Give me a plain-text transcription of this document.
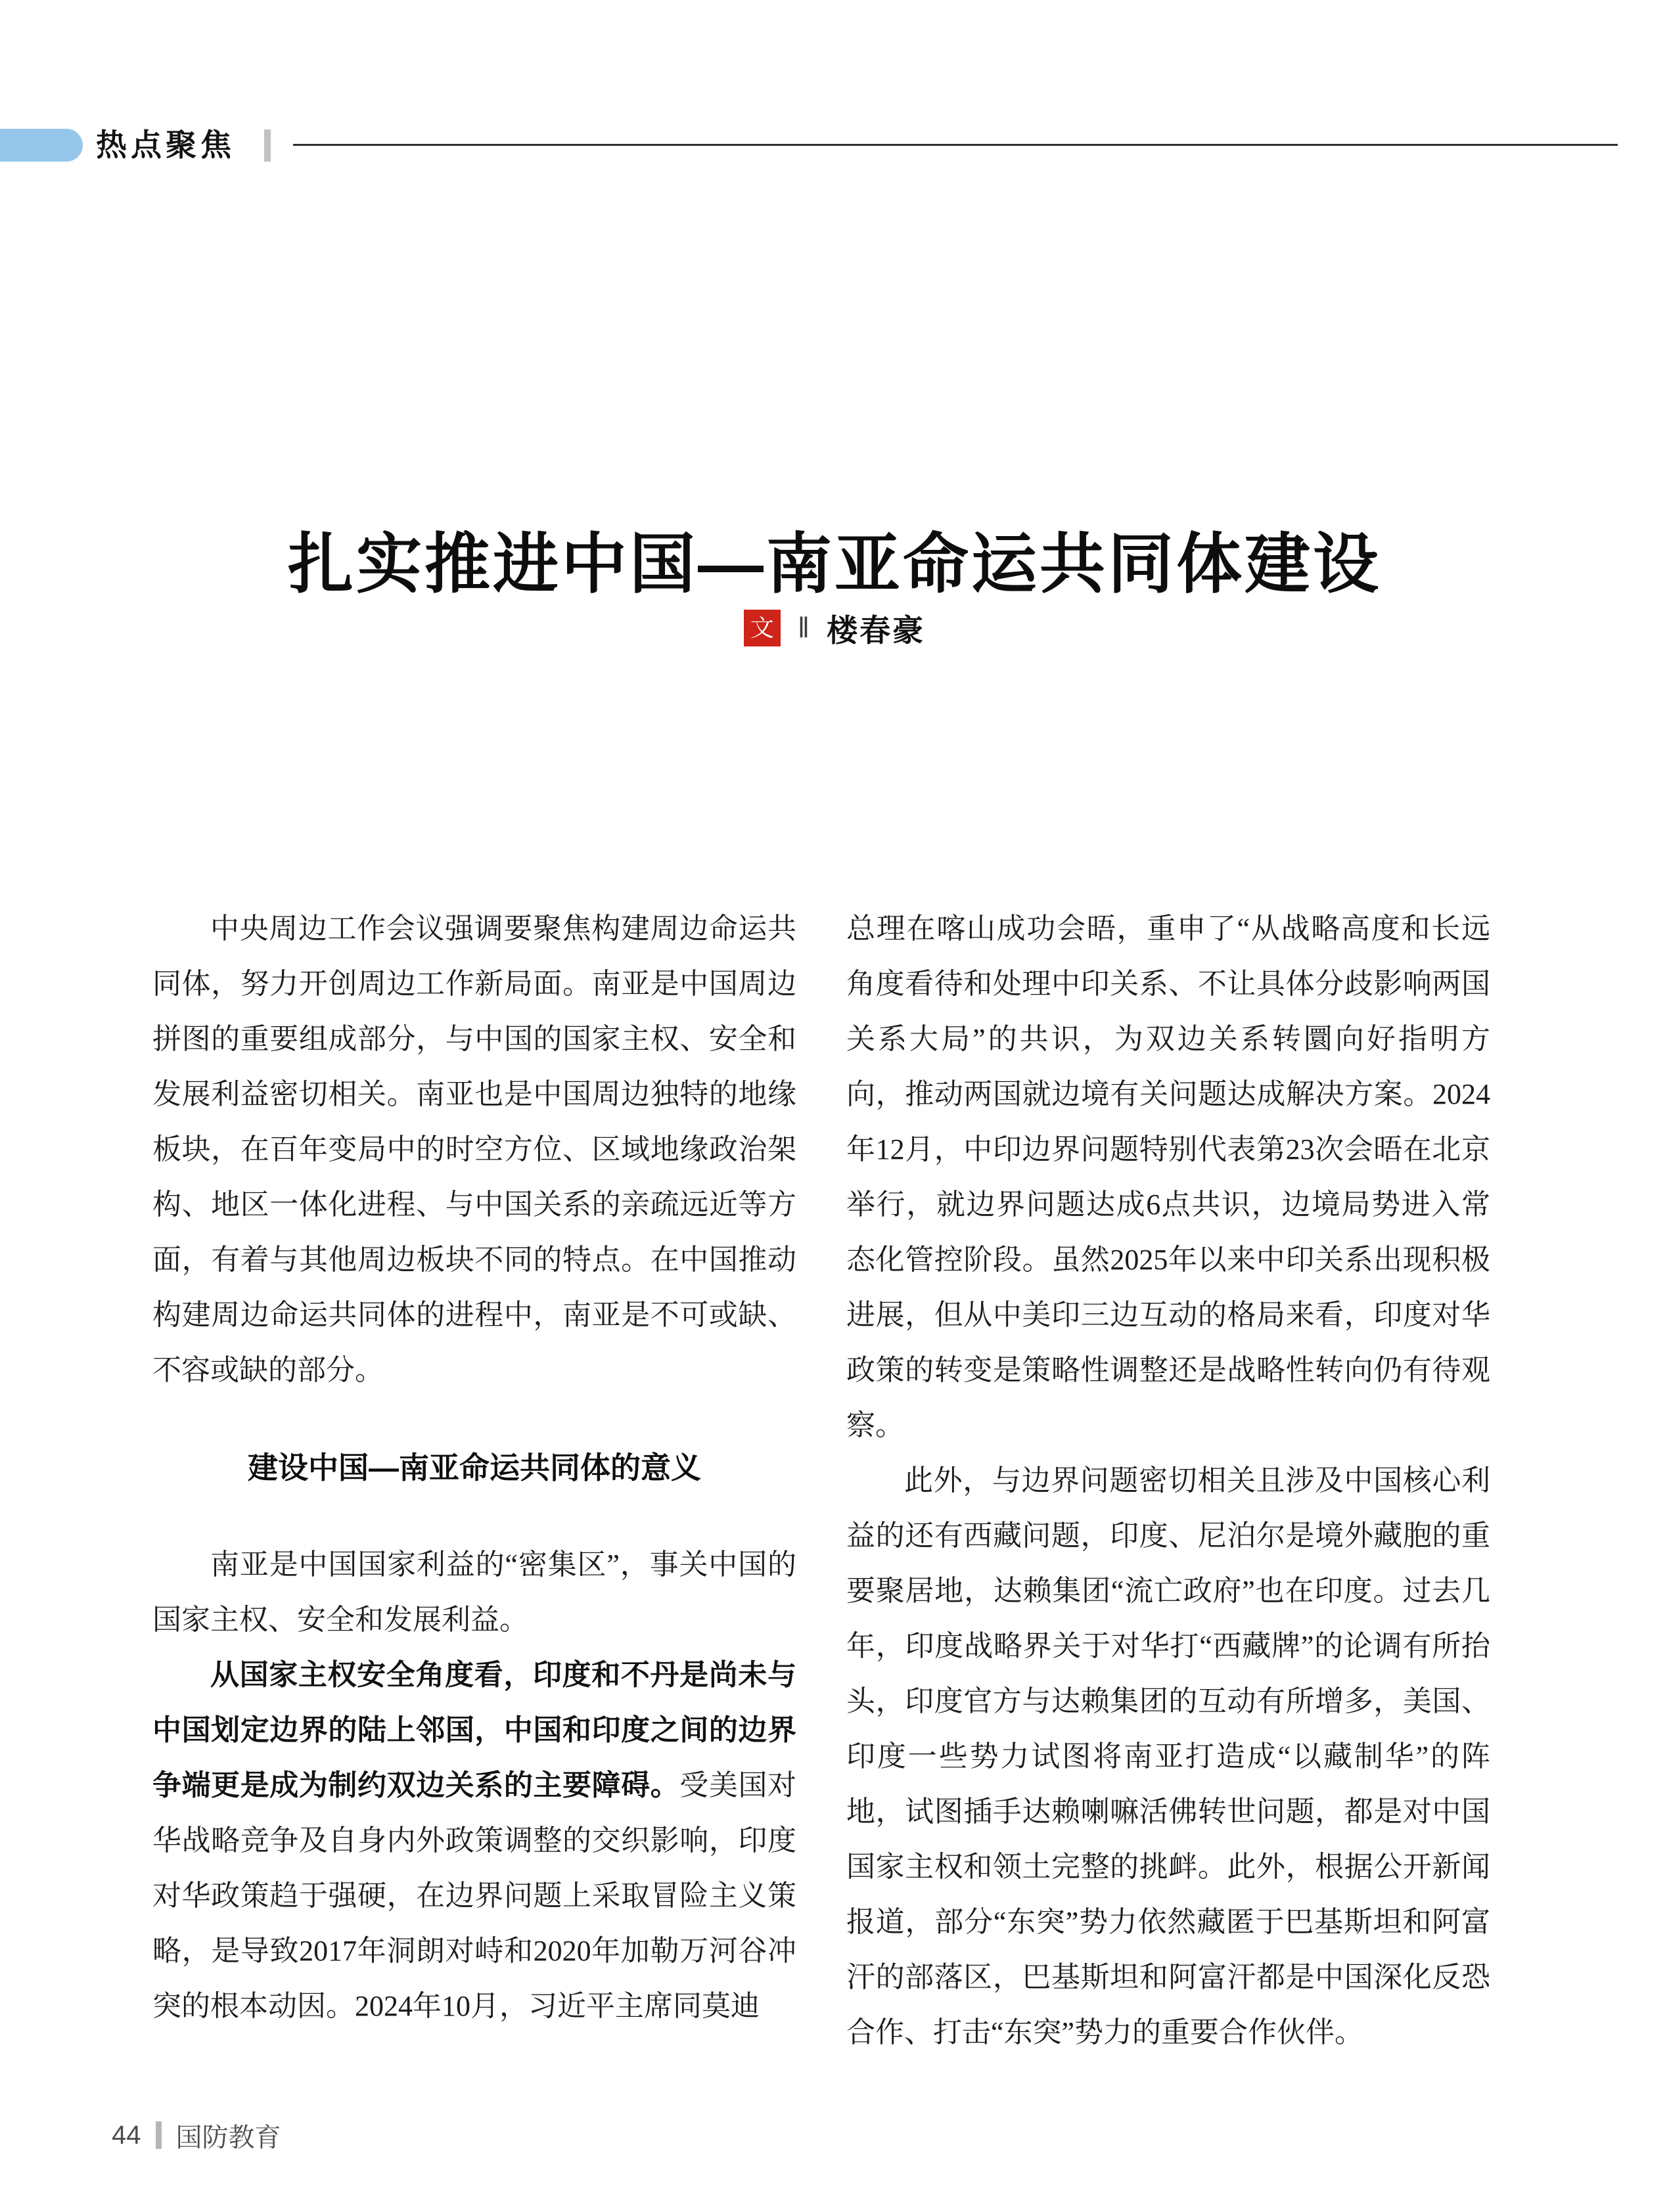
热点聚焦
扎实推进中国—南亚命运共同体建设
文 ‖ 楼春豪

中央周边工作会议强调要聚焦构建周边命运共同体，努力开创周边工作新局面。南亚是中国周边拼图的重要组成部分，与中国的国家主权、安全和发展利益密切相关。南亚也是中国周边独特的地缘板块，在百年变局中的时空方位、区域地缘政治架构、地区一体化进程、与中国关系的亲疏远近等方面，有着与其他周边板块不同的特点。在中国推动构建周边命运共同体的进程中，南亚是不可或缺、不容或缺的部分。

建设中国—南亚命运共同体的意义

南亚是中国国家利益的“密集区”，事关中国的国家主权、安全和发展利益。

从国家主权安全角度看，印度和不丹是尚未与中国划定边界的陆上邻国，中国和印度之间的边界争端更是成为制约双边关系的主要障碍。受美国对华战略竞争及自身内外政策调整的交织影响，印度对华政策趋于强硬，在边界问题上采取冒险主义策略，是导致2017年洞朗对峙和2020年加勒万河谷冲突的根本动因。2024年10月，习近平主席同莫迪

总理在喀山成功会晤，重申了“从战略高度和长远角度看待和处理中印关系、不让具体分歧影响两国关系大局”的共识，为双边关系转圜向好指明方向，推动两国就边境有关问题达成解决方案。2024年12月，中印边界问题特别代表第23次会晤在北京举行，就边界问题达成6点共识，边境局势进入常态化管控阶段。虽然2025年以来中印关系出现积极进展，但从中美印三边互动的格局来看，印度对华政策的转变是策略性调整还是战略性转向仍有待观察。

此外，与边界问题密切相关且涉及中国核心利益的还有西藏问题，印度、尼泊尔是境外藏胞的重要聚居地，达赖集团“流亡政府”也在印度。过去几年，印度战略界关于对华打“西藏牌”的论调有所抬头，印度官方与达赖集团的互动有所增多，美国、印度一些势力试图将南亚打造成“以藏制华”的阵地，试图插手达赖喇嘛活佛转世问题，都是对中国国家主权和领土完整的挑衅。此外，根据公开新闻报道，部分“东突”势力依然藏匿于巴基斯坦和阿富汗的部落区，巴基斯坦和阿富汗都是中国深化反恐合作、打击“东突”势力的重要合作伙伴。

44 国防教育
